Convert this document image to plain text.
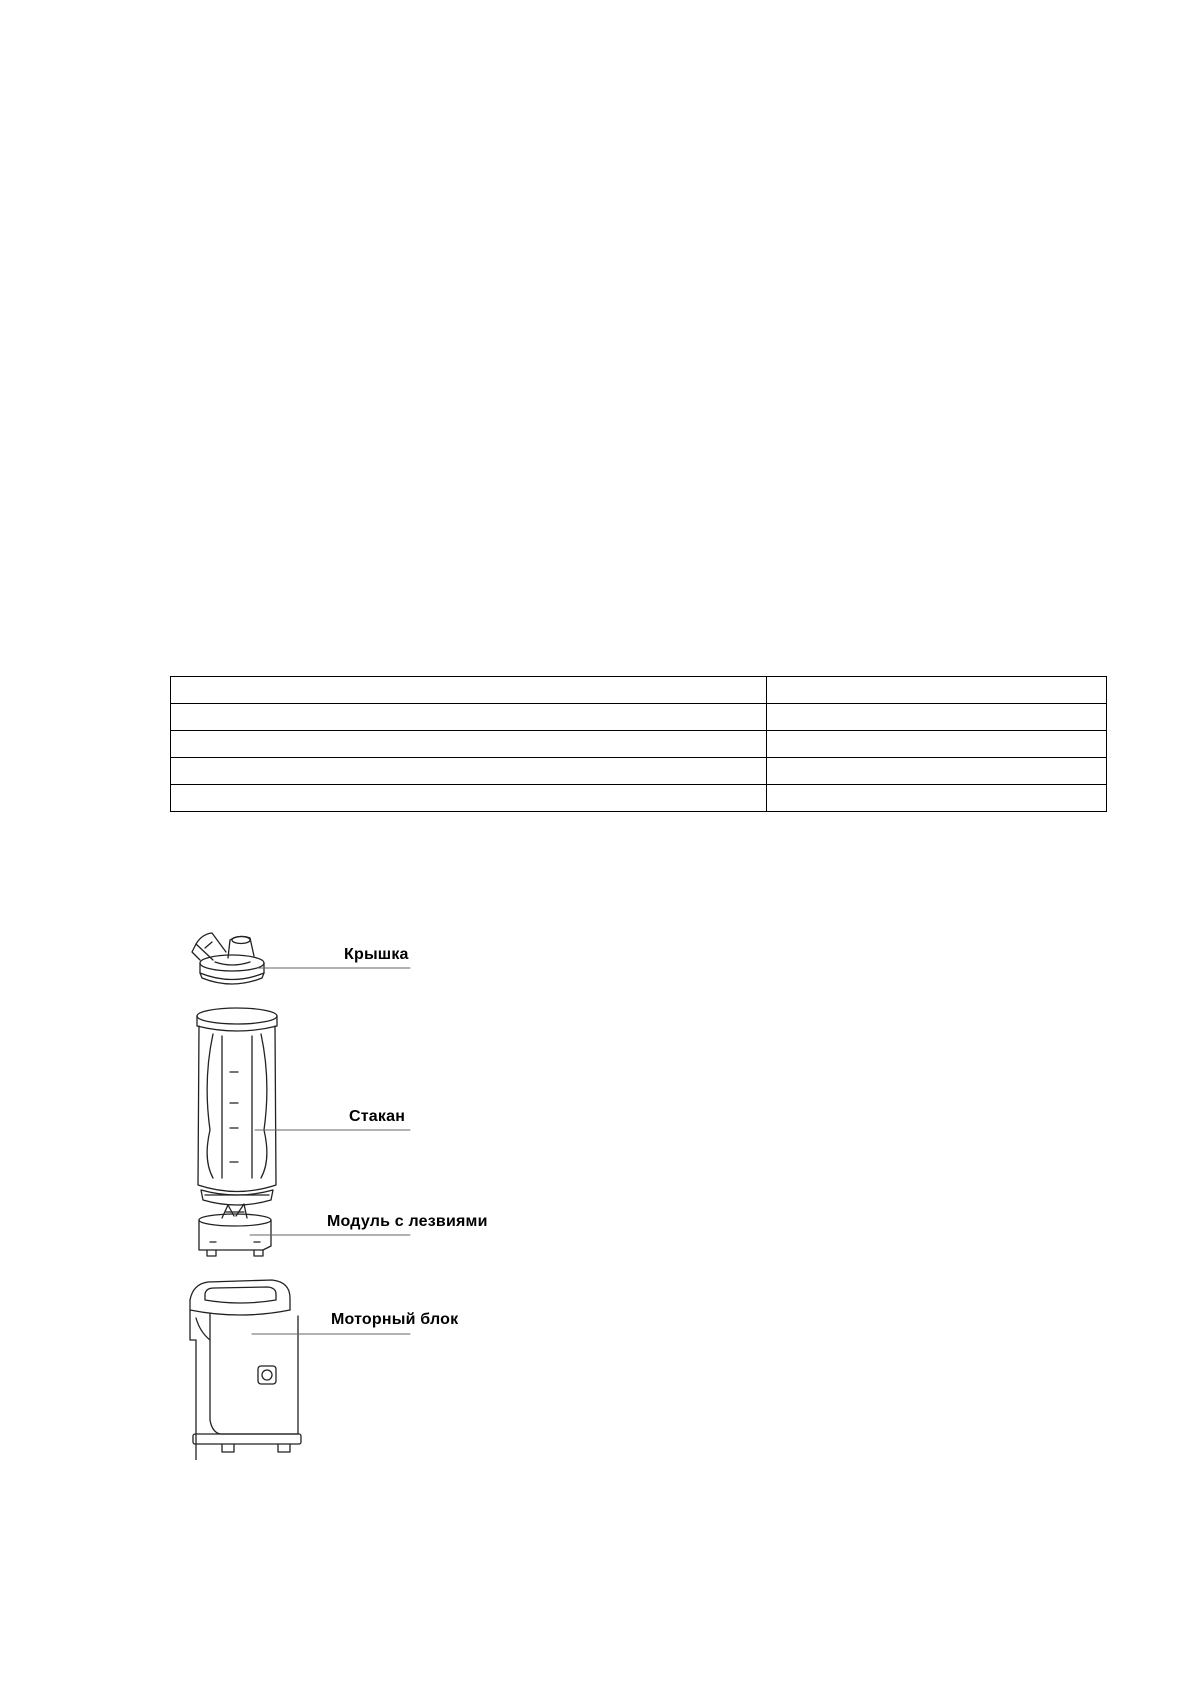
Крышка
Стакан
Модуль с лезвиями
Моторный блок
